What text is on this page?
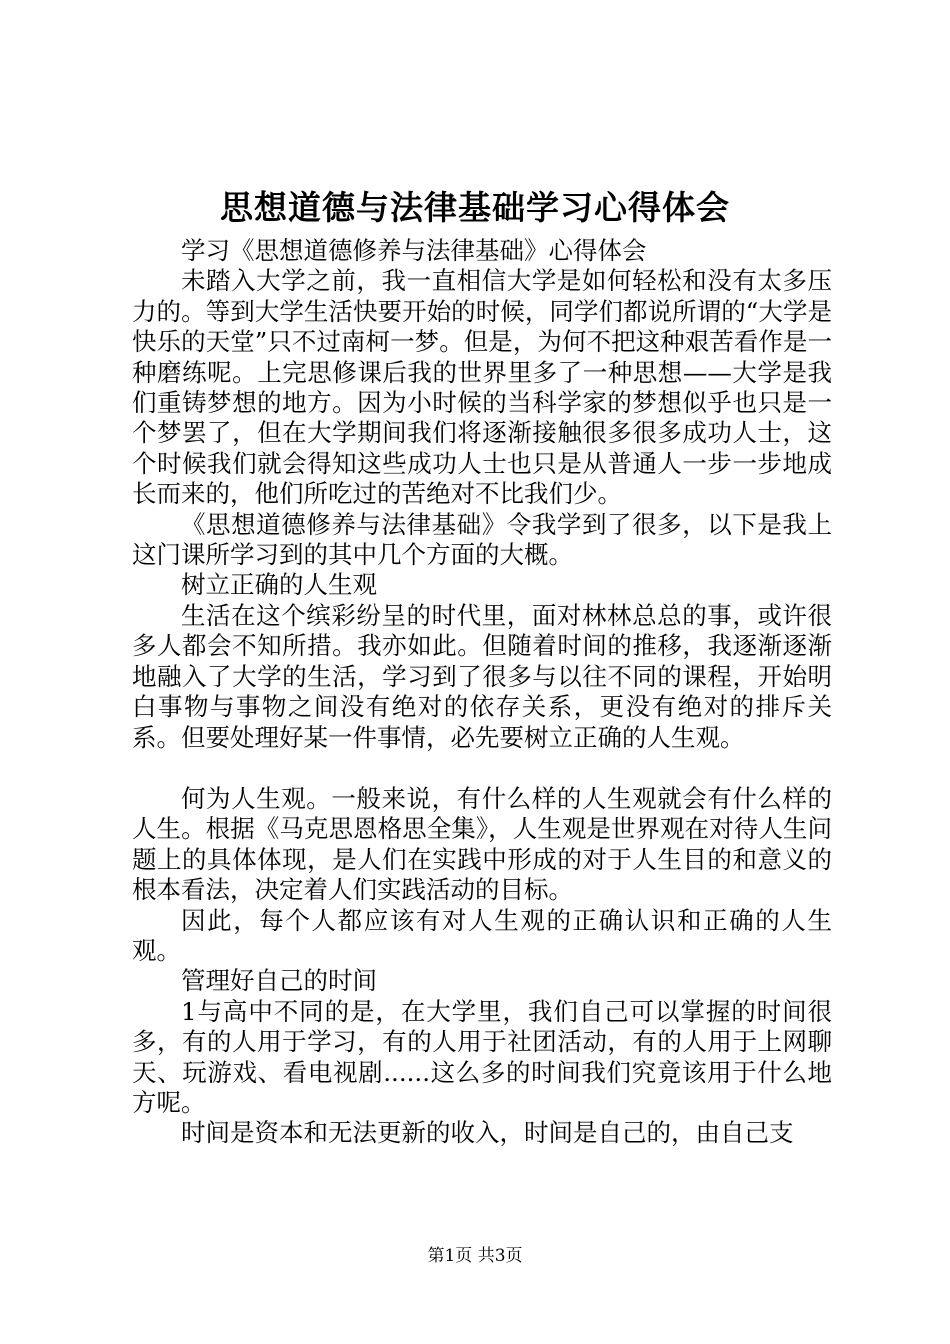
思想道德与法律基础学习心得体会

学习《思想道德修养与法律基础》心得体会

未踏入大学之前，我一直相信大学是如何轻松和没有太多压力的。等到大学生活快要开始的时候，同学们都说所谓的“大学是快乐的天堂”只不过南柯一梦。但是，为何不把这种艰苦看作是一种磨练呢。上完思修课后我的世界里多了一种思想——大学是我们重铸梦想的地方。因为小时候的当科学家的梦想似乎也只是一个梦罢了，但在大学期间我们将逐渐接触很多很多成功人士，这个时候我们就会得知这些成功人士也只是从普通人一步一步地成长而来的，他们所吃过的苦绝对不比我们少。

《思想道德修养与法律基础》令我学到了很多，以下是我上这门课所学习到的其中几个方面的大概。

树立正确的人生观

生活在这个缤彩纷呈的时代里，面对林林总总的事，或许很多人都会不知所措。我亦如此。但随着时间的推移，我逐渐逐渐地融入了大学的生活，学习到了很多与以往不同的课程，开始明白事物与事物之间没有绝对的依存关系，更没有绝对的排斥关系。但要处理好某一件事情，必先要树立正确的人生观。

何为人生观。一般来说，有什么样的人生观就会有什么样的人生。根据《马克思恩格思全集》，人生观是世界观在对待人生问题上的具体体现，是人们在实践中形成的对于人生目的和意义的根本看法，决定着人们实践活动的目标。

因此，每个人都应该有对人生观的正确认识和正确的人生观。

管理好自己的时间

1与高中不同的是，在大学里，我们自己可以掌握的时间很多，有的人用于学习，有的人用于社团活动，有的人用于上网聊天、玩游戏、看电视剧......这么多的时间我们究竟该用于什么地方呢。

时间是资本和无法更新的收入，时间是自己的，由自己支

第1页 共3页
